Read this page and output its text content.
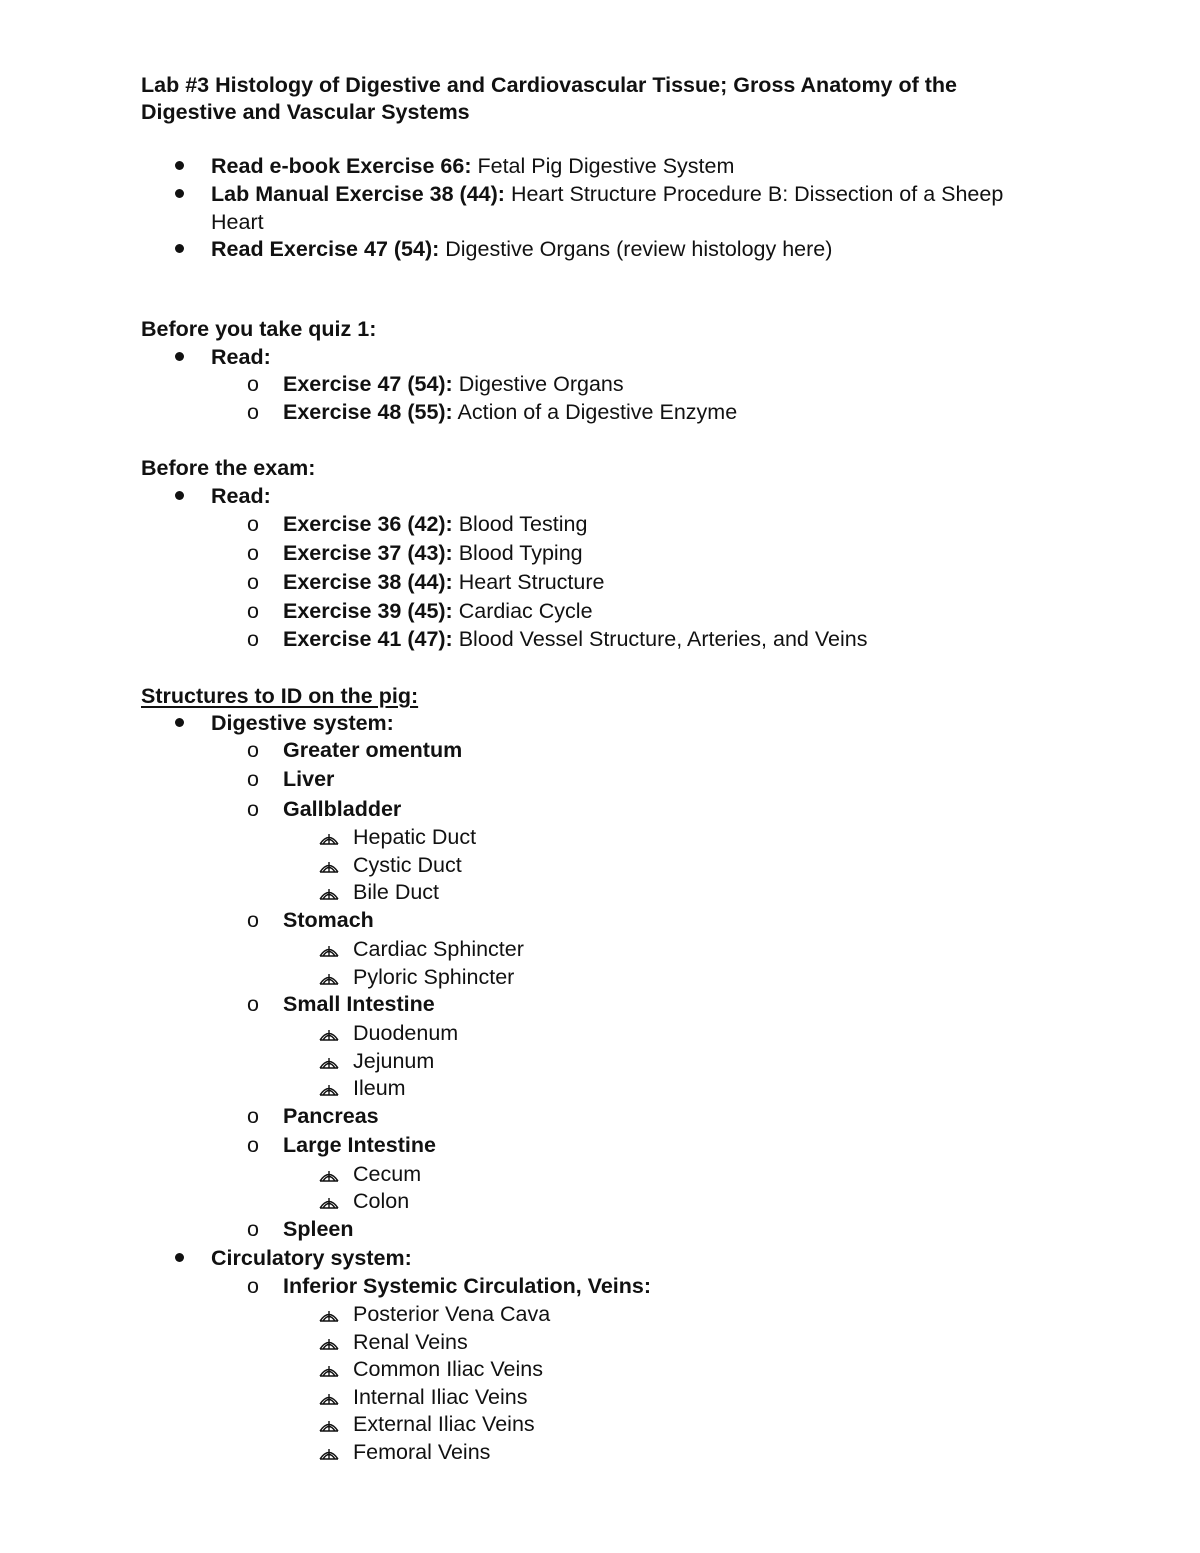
Lab #3 Histology of Digestive and Cardiovascular Tissue; Gross Anatomy of the
Digestive and Vascular Systems
Read e-book Exercise 66: Fetal Pig Digestive System
Lab Manual Exercise 38 (44): Heart Structure Procedure B: Dissection of a Sheep
Heart
Read Exercise 47 (54): Digestive Organs (review histology here)
Before you take quiz 1:
Read:
o Exercise 47 (54): Digestive Organs
o Exercise 48 (55): Action of a Digestive Enzyme
Before the exam:
Read:
o Exercise 36 (42): Blood Testing
o Exercise 37 (43): Blood Typing
o Exercise 38 (44): Heart Structure
o Exercise 39 (45): Cardiac Cycle
o Exercise 41 (47): Blood Vessel Structure, Arteries, and Veins
Structures to ID on the pig:
Digestive system:
o Greater omentum
o Liver
o Gallbladder
Hepatic Duct
Cystic Duct
Bile Duct
o Stomach
Cardiac Sphincter
Pyloric Sphincter
o Small Intestine
Duodenum
Jejunum
Ileum
o Pancreas
o Large Intestine
Cecum
Colon
o Spleen
Circulatory system:
o Inferior Systemic Circulation, Veins:
Posterior Vena Cava
Renal Veins
Common Iliac Veins
Internal Iliac Veins
External Iliac Veins
Femoral Veins
